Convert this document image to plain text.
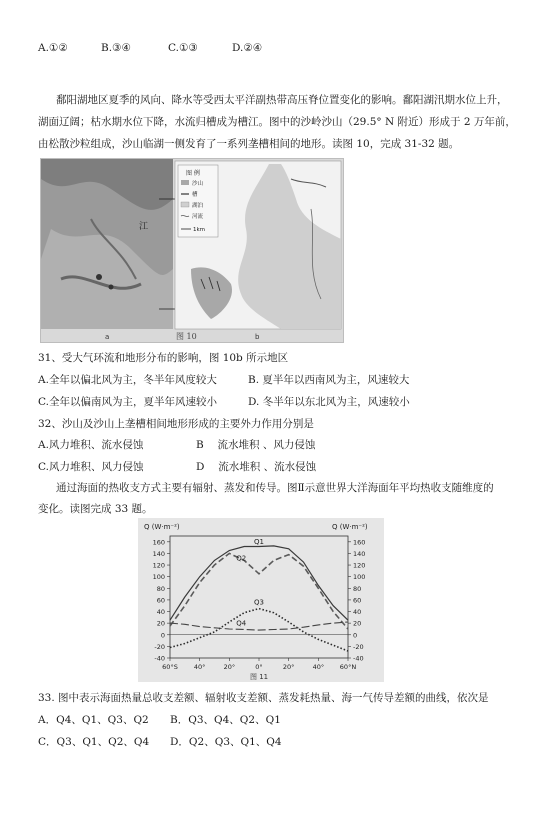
A.①②	B.③④	C.①③	D.②④
鄱阳湖地区夏季的风向、降水等受西太平洋副热带高压脊位置变化的影响。鄱阳湖汛期水位上升，
湖面辽阔；枯水期水位下降，水流归槽成为槽江。图中的沙岭沙山（29.5° N 附近）形成于 2 万年前，
由松散沙粒组成，沙山临湖一侧发育了一系列垄槽相间的地形。读图 10，完成 31-32 题。
江
a
图 例
沙山
槽
湖泊
河流
1km
b
图 10
31、受大气环流和地形分布的影响，图 10b 所示地区
A.全年以偏北风为主，冬半年风度较大	B. 夏半年以西南风为主，风速较大
C.全年以偏南风为主，夏半年风速较小	D. 冬半年以东北风为主，风速较小
32、沙山及沙山上垄槽相间地形形成的主要外力作用分别是
A.风力堆积、流水侵蚀	B　 流水堆积 、风力侵蚀
C.风力堆积、风力侵蚀	D　 流水堆积 、流水侵蚀
通过海面的热收支方式主要有辐射、蒸发和传导。图Ⅱ示意世界大洋海面年平均热收支随维度的
变化。读图完成 33 题。
Q (W·m⁻²)	Q (W·m⁻²)
160	160
140	140
120	120
100	100
80	80
60	60
40	40
20	20
0	0
-20	-20
-40	-40
60°S 40°	20°	0°	20°	40° 60°N
Q1
Q2
Q3
Q4
图 11
33. 图中表示海面热量总收支差额、辐射收支差额、蒸发耗热量、海一气传导差额的曲线，依次是
A．Q4、Q1、Q3、Q2 B．Q3、Q4、Q2、Q1
C．Q3、Q1、Q2、Q4 D．Q2、Q3、Q1、Q4
